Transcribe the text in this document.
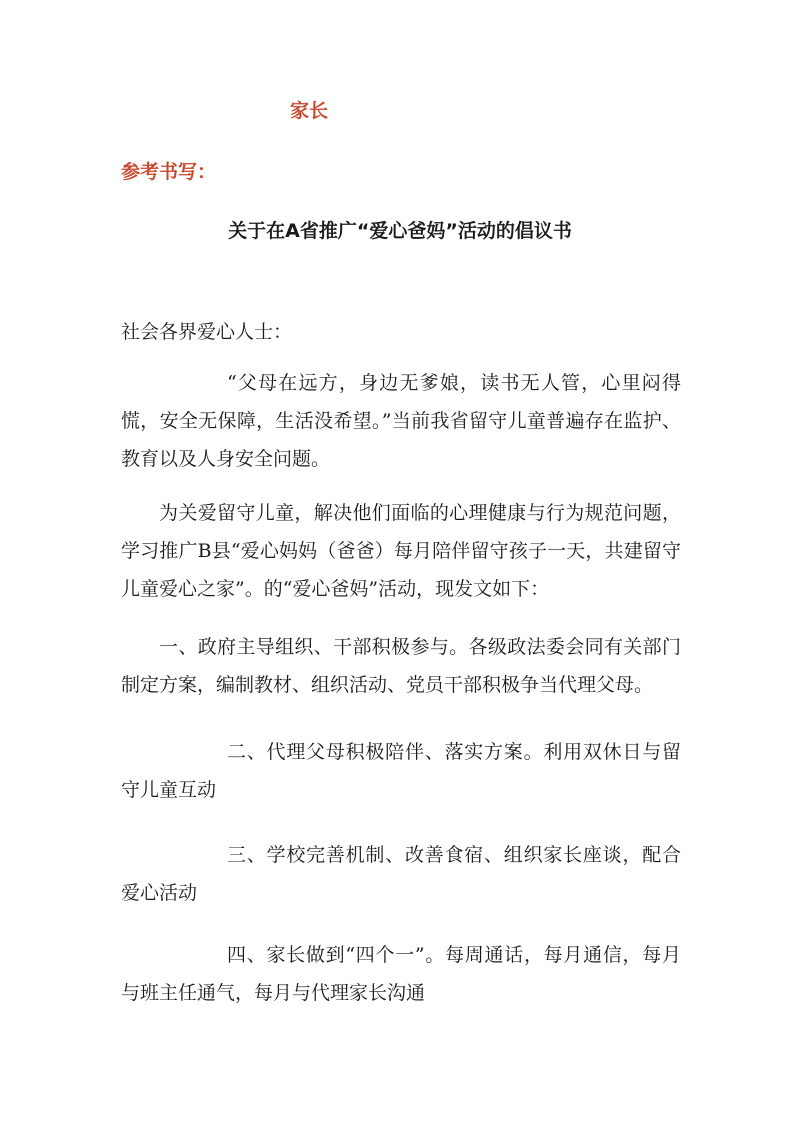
家长
参考书写：
关于在A省推广“爱心爸妈”活动的倡议书
社会各界爱心人士：
“父母在远方，身边无爹娘，读书无人管，心里闷得慌，安全无保障，生活没希望。”当前我省留守儿童普遍存在监护、教育以及人身安全问题。
为关爱留守儿童，解决他们面临的心理健康与行为规范问题，学习推广B县“爱心妈妈（爸爸）每月陪伴留守孩子一天，共建留守儿童爱心之家”。的“爱心爸妈”活动，现发文如下：
一、政府主导组织、干部积极参与。各级政法委会同有关部门制定方案，编制教材、组织活动、党员干部积极争当代理父母。
二、代理父母积极陪伴、落实方案。利用双休日与留守儿童互动
三、学校完善机制、改善食宿、组织家长座谈，配合爱心活动
四、家长做到“四个一”。每周通话，每月通信，每月与班主任通气，每月与代理家长沟通
